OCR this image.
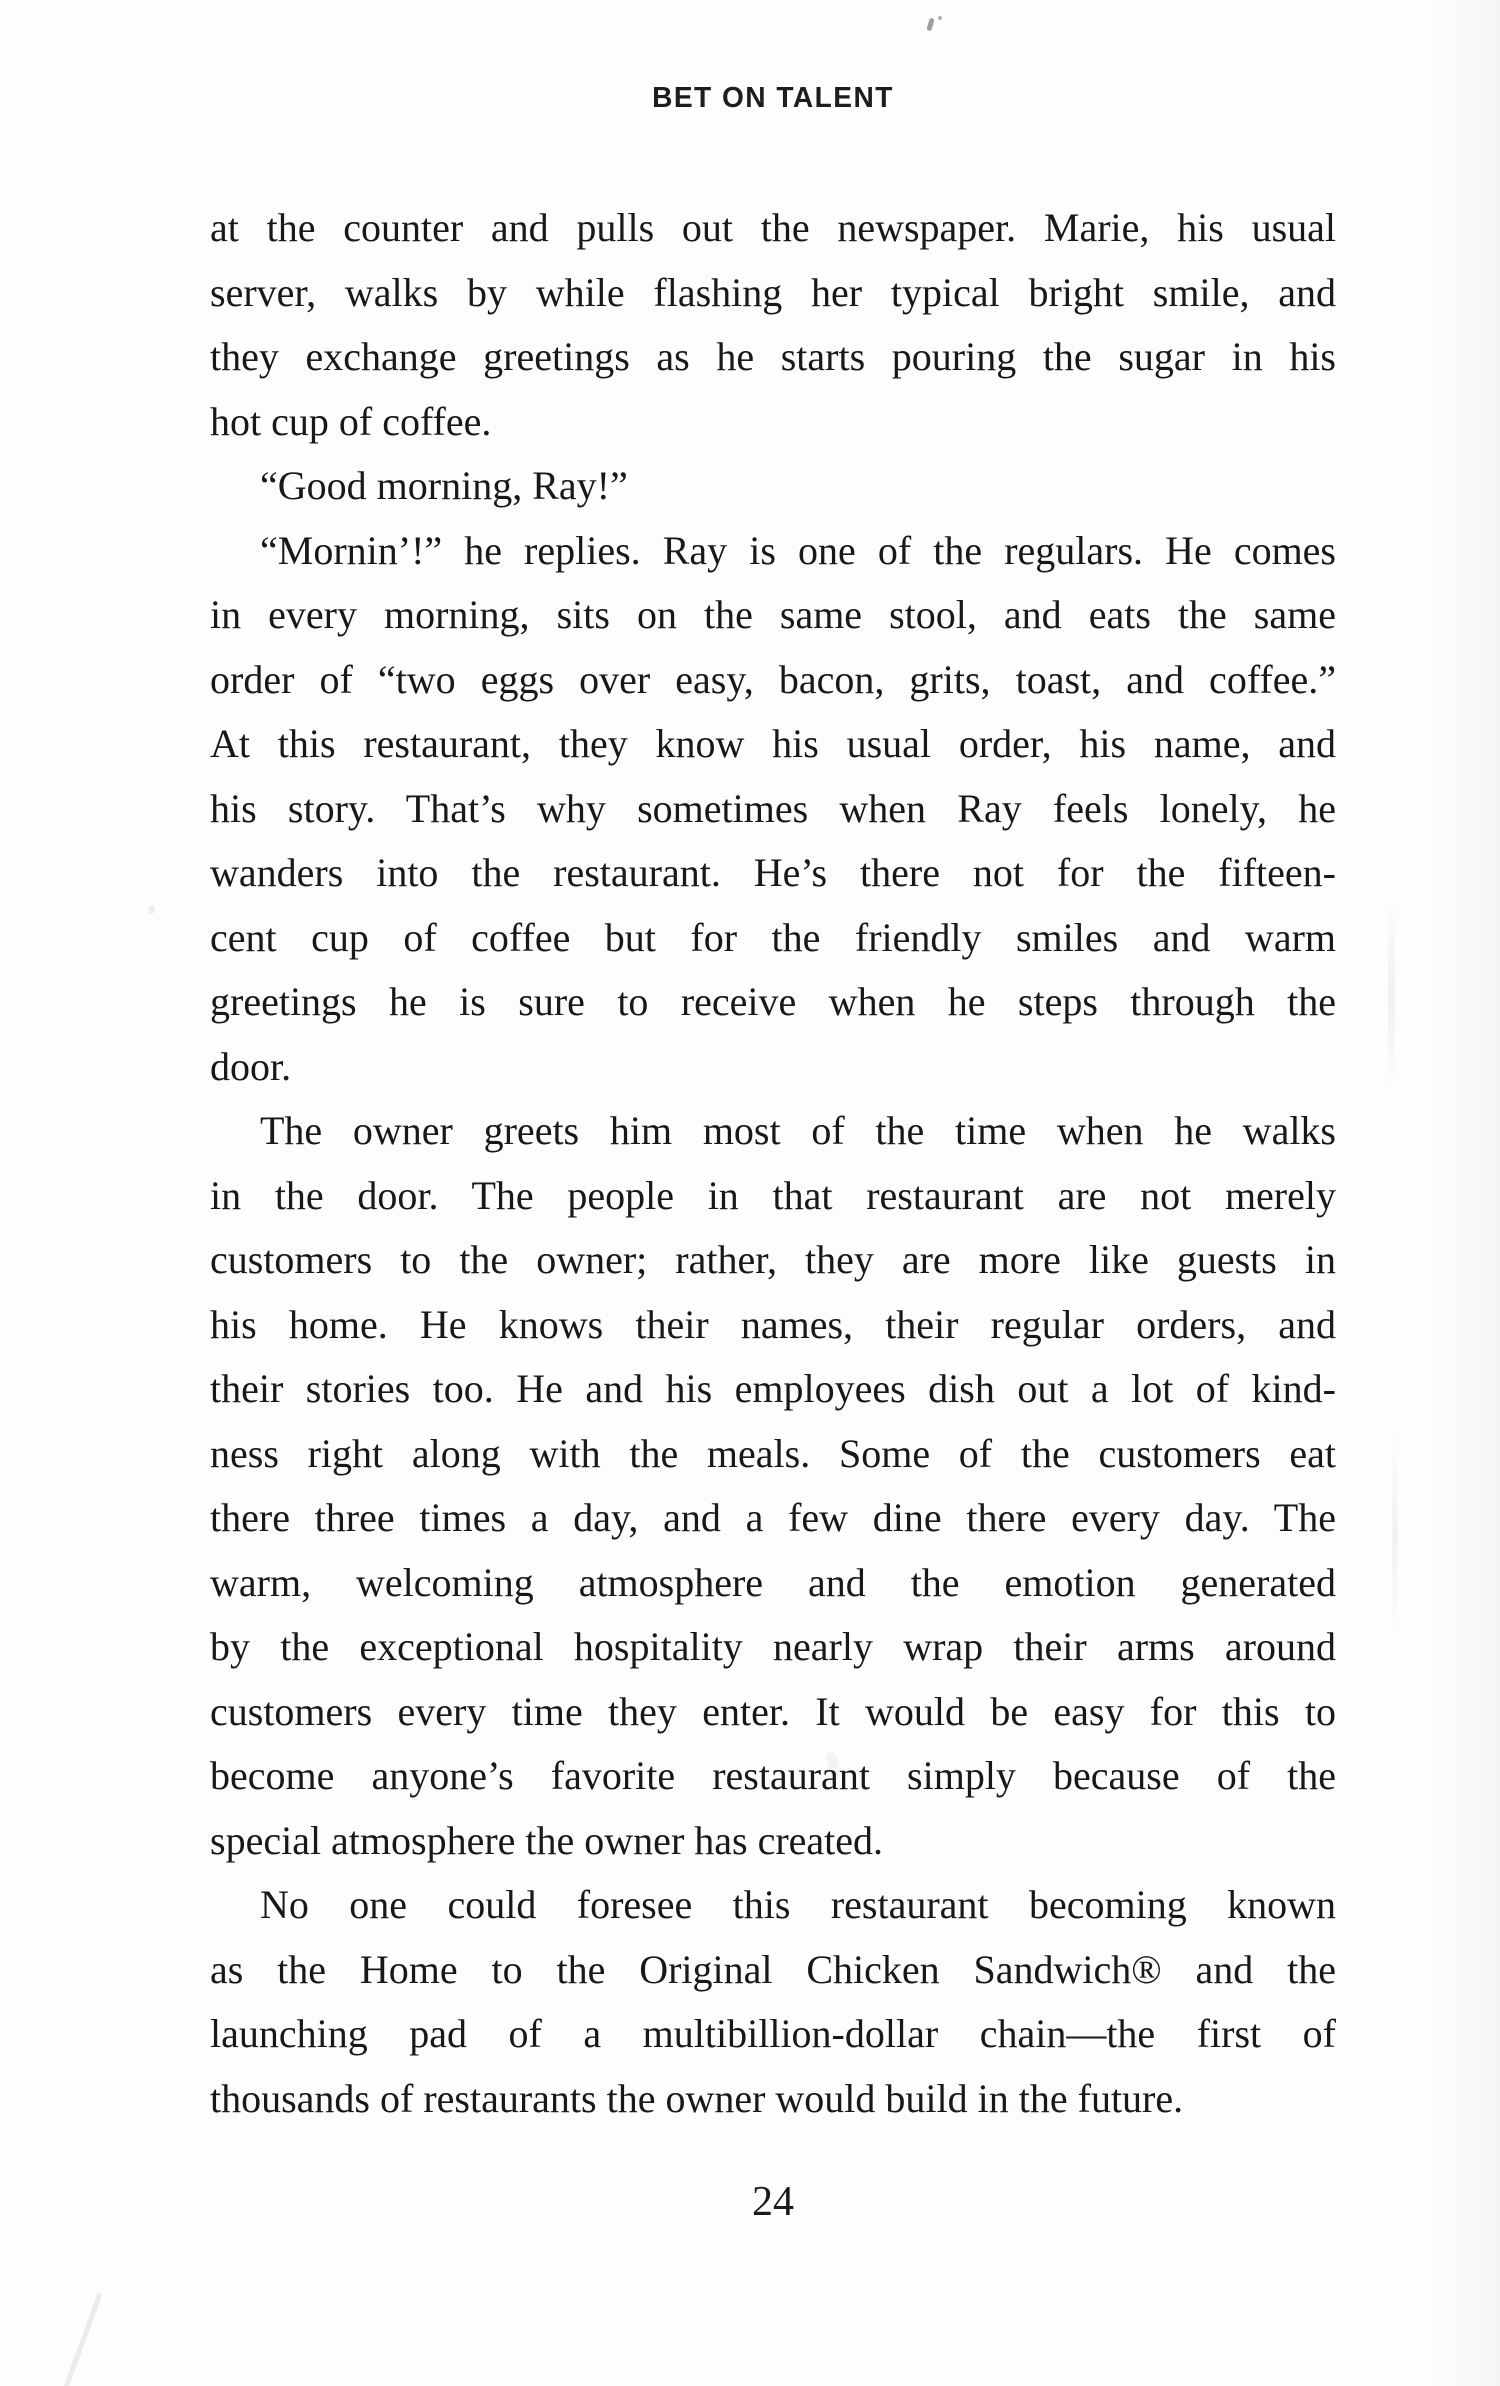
BET ON TALENT
at the counter and pulls out the newspaper. Marie, his usual
server, walks by while flashing her typical bright smile, and
they exchange greetings as he starts pouring the sugar in his
hot cup of coffee.
“Good morning, Ray!”
“Mornin’!” he replies. Ray is one of the regulars. He comes
in every morning, sits on the same stool, and eats the same
order of “two eggs over easy, bacon, grits, toast, and coffee.”
At this restaurant, they know his usual order, his name, and
his story. That’s why sometimes when Ray feels lonely, he
wanders into the restaurant. He’s there not for the fifteen-
cent cup of coffee but for the friendly smiles and warm
greetings he is sure to receive when he steps through the
door.
The owner greets him most of the time when he walks
in the door. The people in that restaurant are not merely
customers to the owner; rather, they are more like guests in
his home. He knows their names, their regular orders, and
their stories too. He and his employees dish out a lot of kind-
ness right along with the meals. Some of the customers eat
there three times a day, and a few dine there every day. The
warm, welcoming atmosphere and the emotion generated
by the exceptional hospitality nearly wrap their arms around
customers every time they enter. It would be easy for this to
become anyone’s favorite restaurant simply because of the
special atmosphere the owner has created.
No one could foresee this restaurant becoming known
as the Home to the Original Chicken Sandwich® and the
launching pad of a multibillion-dollar chain—the first of
thousands of restaurants the owner would build in the future.
24
